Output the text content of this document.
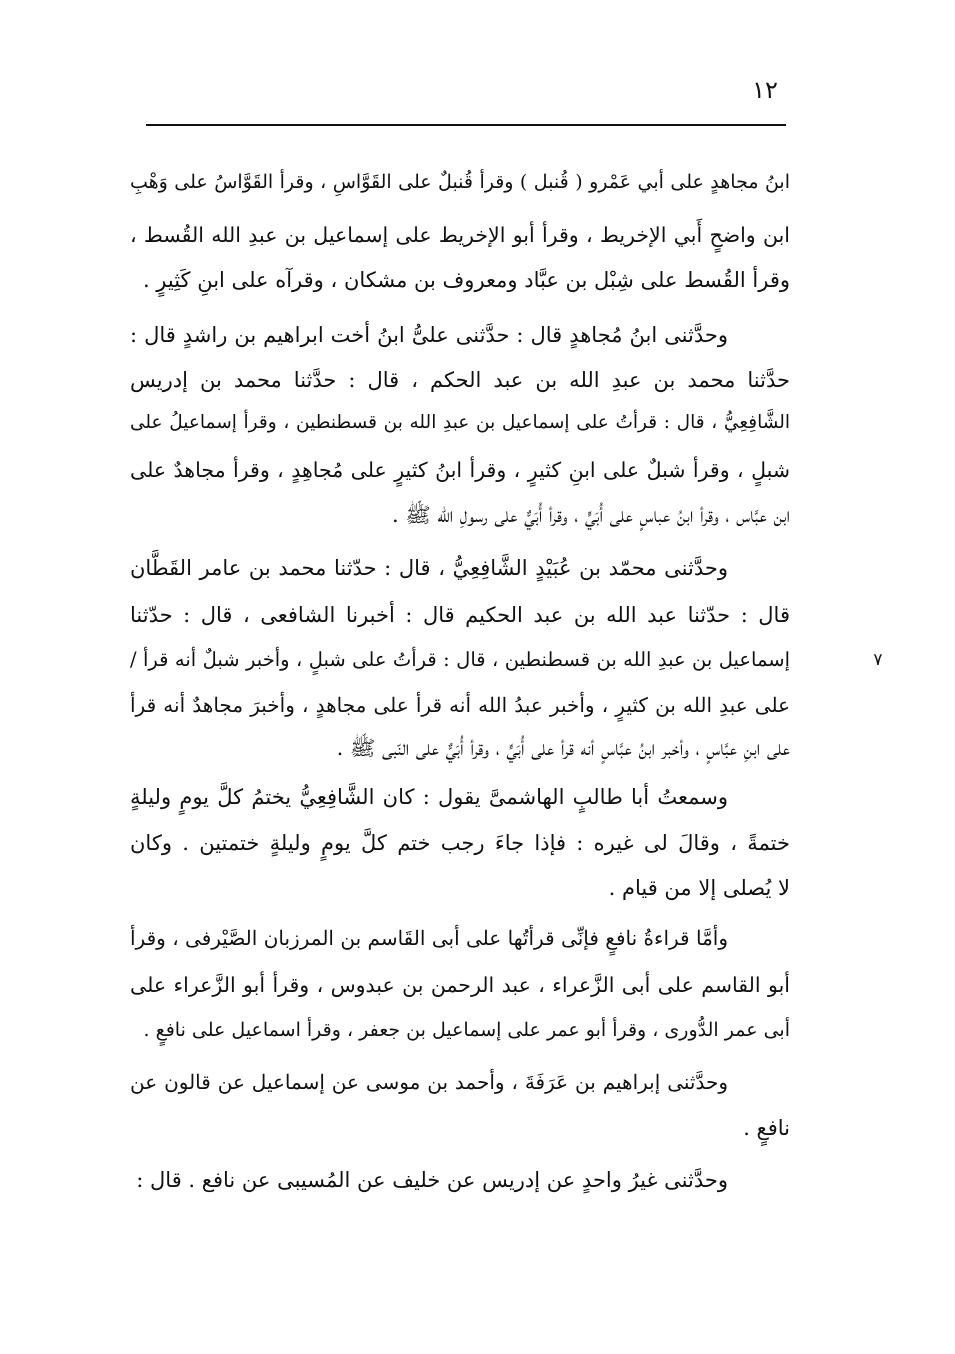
١٢
٧
ابنُ مجاهدٍ على أبي عَمْرو ( قُنبل ) وقرأ قُنبلٌ على القَوَّاسِ ، وقرأ القَوَّاسُ على وَهْبِ
ابن واضحٍ أَبي الإخريط ، وقرأ أبو الإخريط على إسماعيل بن عبدِ الله القُسط ،
وقرأ القُسط على شِبْل بن عبَّاد ومعروف بن مشكان ، وقرآه على ابنِ كَثِيرٍ .
وحدَّثنى ابنُ مُجاهدٍ قال : حدَّثنى علىُّ ابنُ أخت ابراهيم بن راشدٍ قال :
حدَّثنا محمد بن عبدِ الله بن عبد الحكم ، قال : حدَّثنا محمد بن إدريس
الشَّافِعِيُّ ، قال : قرأتُ على إسماعيل بن عبدِ الله بن قسطنطين ، وقرأ إسماعيلُ على
شبلٍ ، وقرأ شبلٌ على ابنِ كثيرٍ ، وقرأ ابنُ كثيرٍ على مُجاهِدٍ ، وقرأ مجاهدٌ على
ابن عبَّاس ، وقرأ ابنُ عباسٍ على أُبَيٍّ ، وقرأ أُبَيٌّ على رسولِ الله ﷺ .
وحدَّثنى محمّد بن عُبَيْدٍ الشَّافِعِيُّ ، قال : حدّثنا محمد بن عامر القَطَّان
قال : حدّثنا عبد الله بن عبد الحكيم قال : أخبرنا الشافعى ، قال : حدّثنا
إسماعيل بن عبدِ الله بن قسطنطين ، قال : قرأتُ على شبلٍ ، وأخبر شبلٌ أنه قرأ /
على عبدِ الله بن كثيرٍ ، وأخبر عبدُ الله أنه قرأ على مجاهدٍ ، وأخبرَ مجاهدٌ أنه قرأ
على ابنِ عبَّاسٍ ، وأخبر ابنُ عبَّاسٍ أنه قرأ على أُبَيٍّ ، وقرأ أُبَيٌّ على النّبى ﷺ .
وسمعتُ أبا طالبٍ الهاشمىَّ يقول : كان الشَّافِعِيُّ يختمُ كلَّ يومٍ وليلةٍ
ختمةً ، وقالَ لى غيره : فإذا جاءَ رجب ختم كلَّ يومٍ وليلةٍ ختمتين . وكان
لا يُصلى إلا من قيام .
وأمَّا قراءةُ نافعٍ فإنِّى قرأتُها على أبى القَاسم بن المرزبان الصَّيْرفى ، وقرأ
أبو القاسم على أبى الزَّعراء ، عبد الرحمن بن عبدوس ، وقرأ أبو الزَّعراء على
أبى عمر الدُّورى ، وقرأ أبو عمر على إسماعيل بن جعفر ، وقرأ اسماعيل على نافعٍ .
وحدَّثنى إبراهيم بن عَرَفَةَ ، وأحمد بن موسى عن إسماعيل عن قالون عن
نافعٍ .
وحدَّثنى غيرُ واحدٍ عن إدريس عن خليف عن المُسيبى عن نافع . قال :
